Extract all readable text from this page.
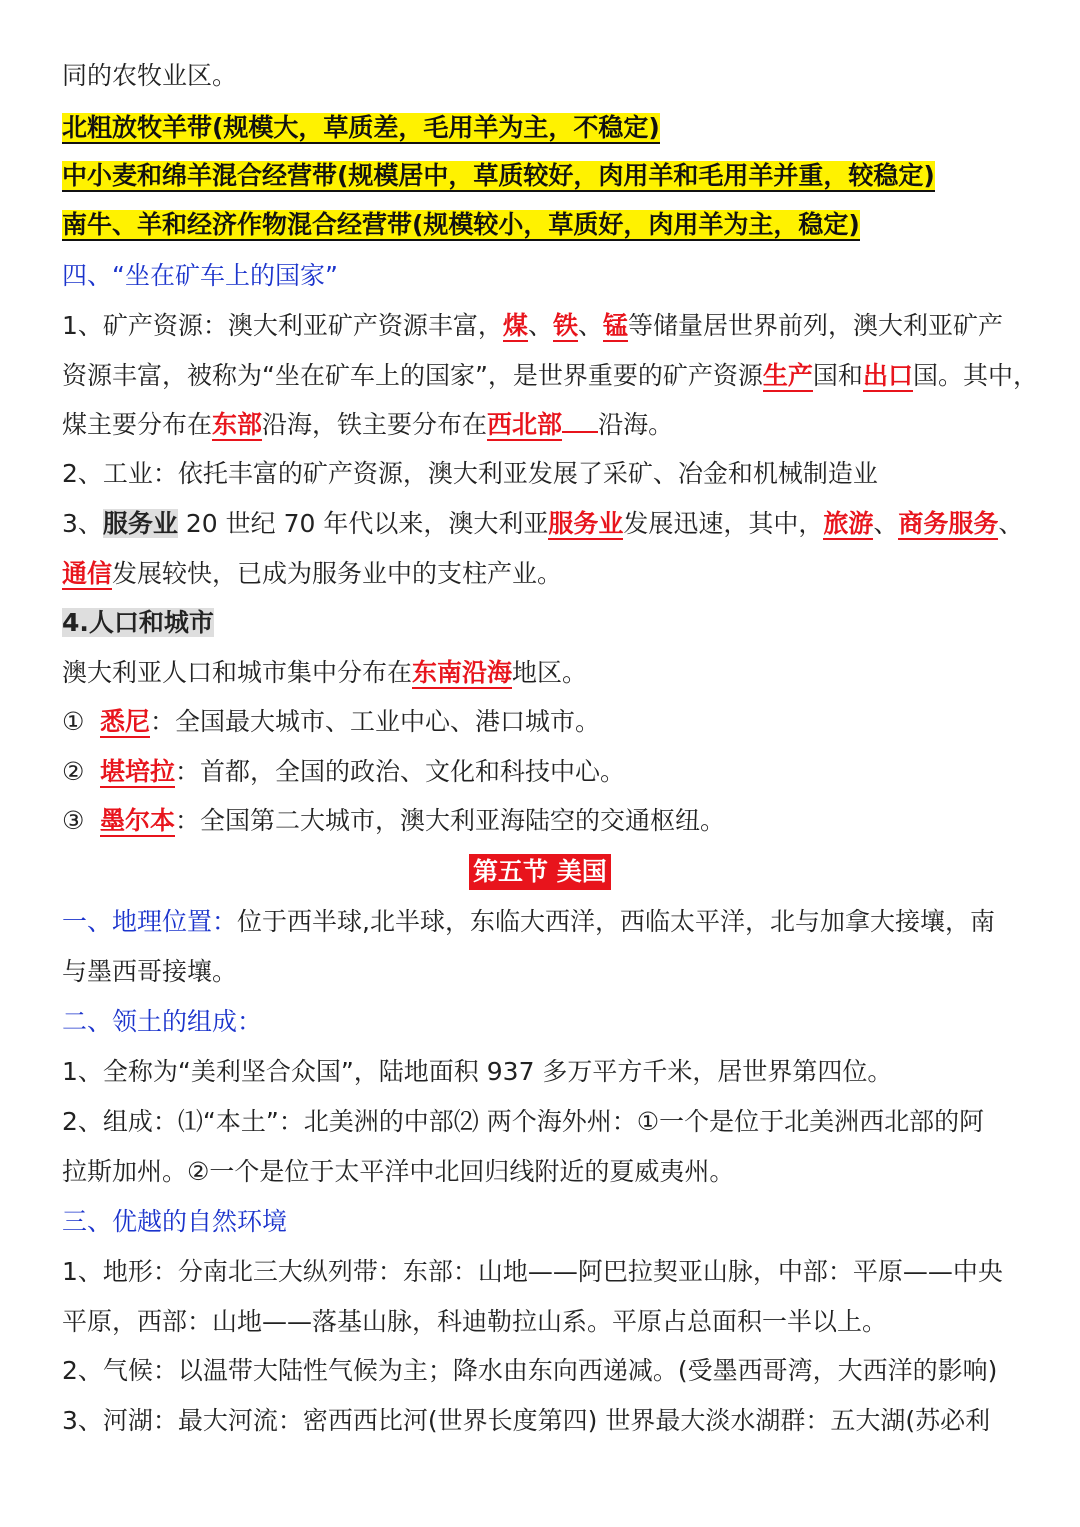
同的农牧业区。
北粗放牧羊带(规模大，草质差，毛用羊为主，不稳定)
中小麦和绵羊混合经营带(规模居中，草质较好，肉用羊和毛用羊并重，较稳定)
南牛、羊和经济作物混合经营带(规模较小，草质好，肉用羊为主，稳定)
四、“坐在矿车上的国家”
1、矿产资源：澳大利亚矿产资源丰富，煤、铁、锰等储量居世界前列，澳大利亚矿产
资源丰富，被称为“坐在矿车上的国家”，是世界重要的矿产资源生产国和出口国。其中，
煤主要分布在东部沿海，铁主要分布在西北部 沿海。
2、工业：依托丰富的矿产资源，澳大利亚发展了采矿、冶金和机械制造业
3、服务业 20 世纪 70 年代以来，澳大利亚服务业发展迅速，其中，旅游、商务服务、
通信发展较快，已成为服务业中的支柱产业。
4.人口和城市
澳大利亚人口和城市集中分布在东南沿海地区。
① 悉尼：全国最大城市、工业中心、港口城市。
② 堪培拉：首都，全国的政治、文化和科技中心。
③ 墨尔本：全国第二大城市，澳大利亚海陆空的交通枢纽。
第五节 美国
一、地理位置：位于西半球,北半球，东临大西洋，西临太平洋，北与加拿大接壤，南
与墨西哥接壤。
二、领土的组成：
1、全称为“美利坚合众国”，陆地面积 937 多万平方千米，居世界第四位。
2、组成：⑴“本土”：北美洲的中部⑵ 两个海外州：①一个是位于北美洲西北部的阿
拉斯加州。②一个是位于太平洋中北回归线附近的夏威夷州。
三、优越的自然环境
1、地形：分南北三大纵列带：东部：山地——阿巴拉契亚山脉，中部：平原——中央
平原，西部：山地——落基山脉，科迪勒拉山系。平原占总面积一半以上。
2、气候：以温带大陆性气候为主；降水由东向西递减。(受墨西哥湾，大西洋的影响)
3、河湖：最大河流：密西西比河(世界长度第四) 世界最大淡水湖群：五大湖(苏必利
